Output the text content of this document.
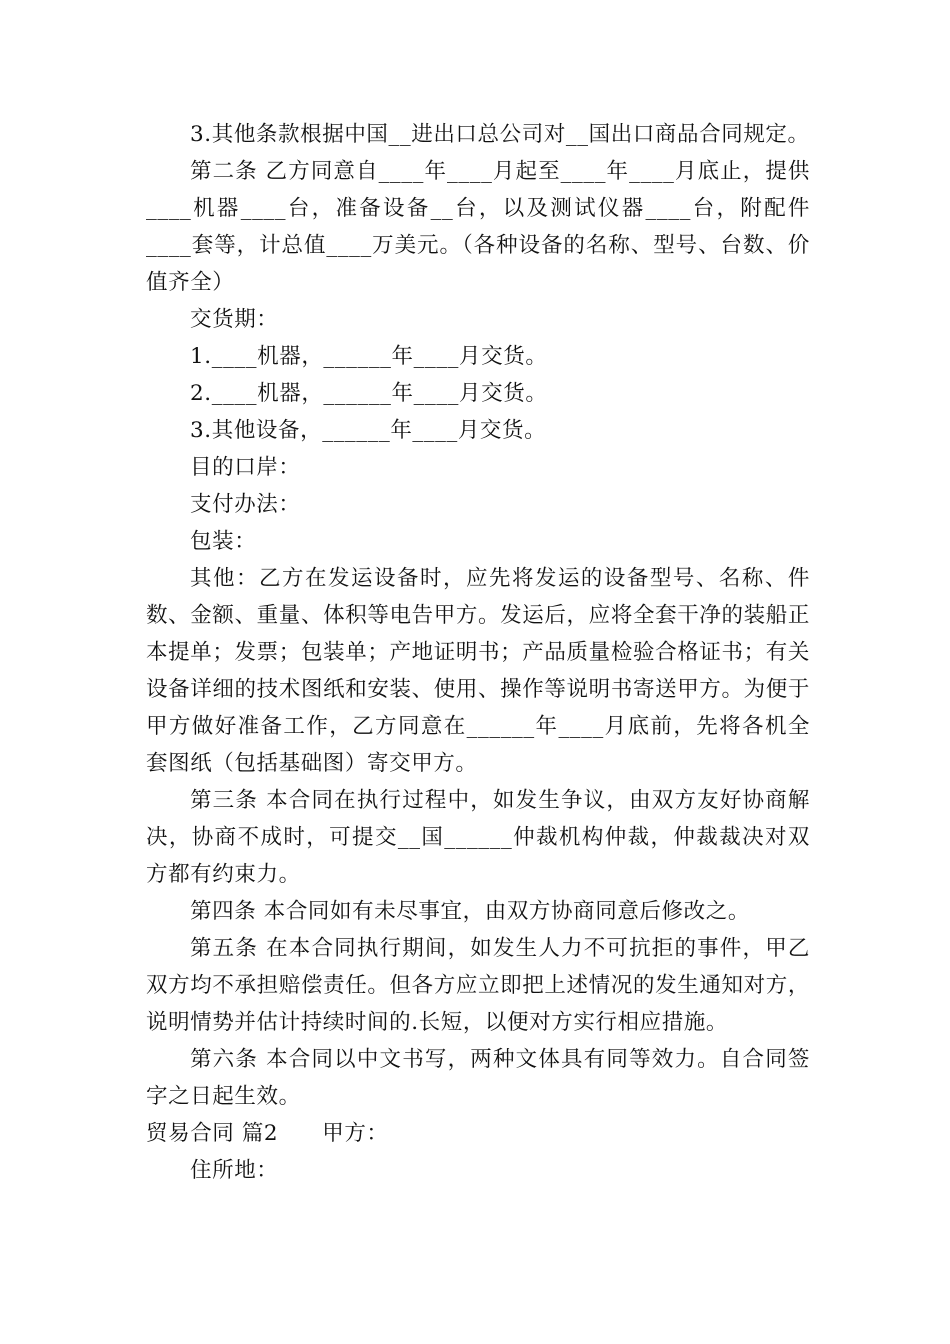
3.其他条款根据中国__进出口总公司对__国出口商品合同规定。

第二条 乙方同意自____年____月起至____年____月底止，提供____机器____台，准备设备__台，以及测试仪器____台，附配件____套等，计总值____万美元。（各种设备的名称、型号、台数、价值齐全）

交货期：

1.____机器，______年____月交货。

2.____机器，______年____月交货。

3.其他设备，______年____月交货。

目的口岸：

支付办法：

包装：

其他：乙方在发运设备时，应先将发运的设备型号、名称、件数、金额、重量、体积等电告甲方。发运后，应将全套干净的装船正本提单；发票；包装单；产地证明书；产品质量检验合格证书；有关设备详细的技术图纸和安装、使用、操作等说明书寄送甲方。为便于甲方做好准备工作，乙方同意在______年____月底前，先将各机全套图纸（包括基础图）寄交甲方。

第三条 本合同在执行过程中，如发生争议，由双方友好协商解决，协商不成时，可提交__国______仲裁机构仲裁，仲裁裁决对双方都有约束力。

第四条 本合同如有未尽事宜，由双方协商同意后修改之。

第五条 在本合同执行期间，如发生人力不可抗拒的事件，甲乙双方均不承担赔偿责任。但各方应立即把上述情况的发生通知对方，说明情势并估计持续时间的.长短，以便对方实行相应措施。

第六条 本合同以中文书写，两种文体具有同等效力。自合同签字之日起生效。

贸易合同 篇2 甲方：

住所地：
